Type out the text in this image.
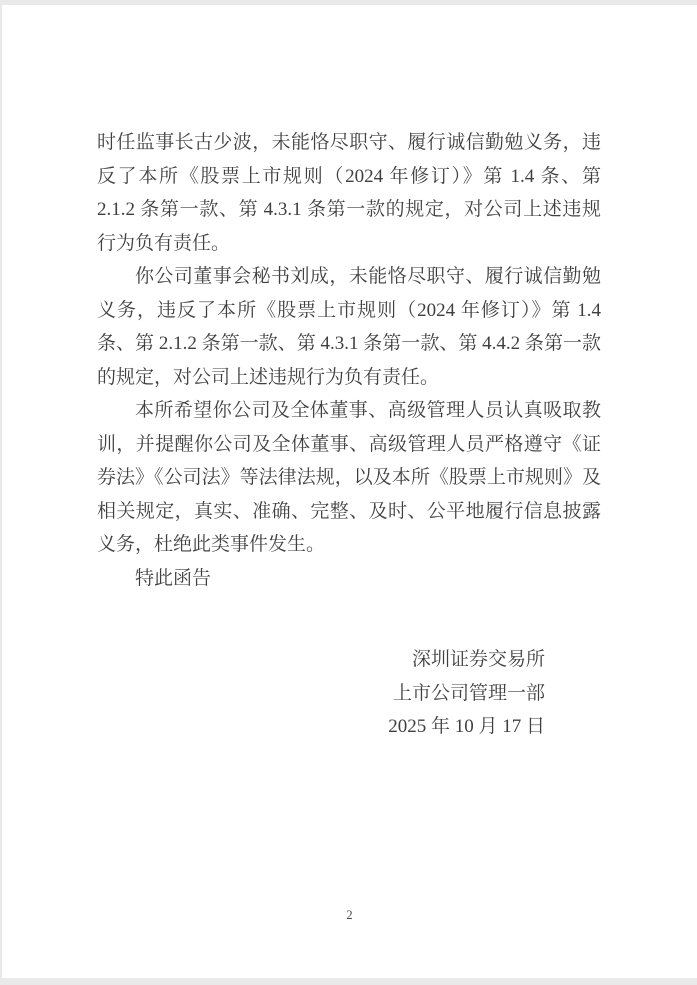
时任监事长古少波，未能恪尽职守、履行诚信勤勉义务，违反了本所《股票上市规则（2024 年修订）》第 1.4 条、第 2.1.2 条第一款、第 4.3.1 条第一款的规定，对公司上述违规行为负有责任。

你公司董事会秘书刘成，未能恪尽职守、履行诚信勤勉义务，违反了本所《股票上市规则（2024 年修订）》第 1.4 条、第 2.1.2 条第一款、第 4.3.1 条第一款、第 4.4.2 条第一款的规定，对公司上述违规行为负有责任。

本所希望你公司及全体董事、高级管理人员认真吸取教训，并提醒你公司及全体董事、高级管理人员严格遵守《证券法》《公司法》等法律法规，以及本所《股票上市规则》及相关规定，真实、准确、完整、及时、公平地履行信息披露义务，杜绝此类事件发生。

特此函告

深圳证券交易所
上市公司管理一部
2025 年 10 月 17 日
2
